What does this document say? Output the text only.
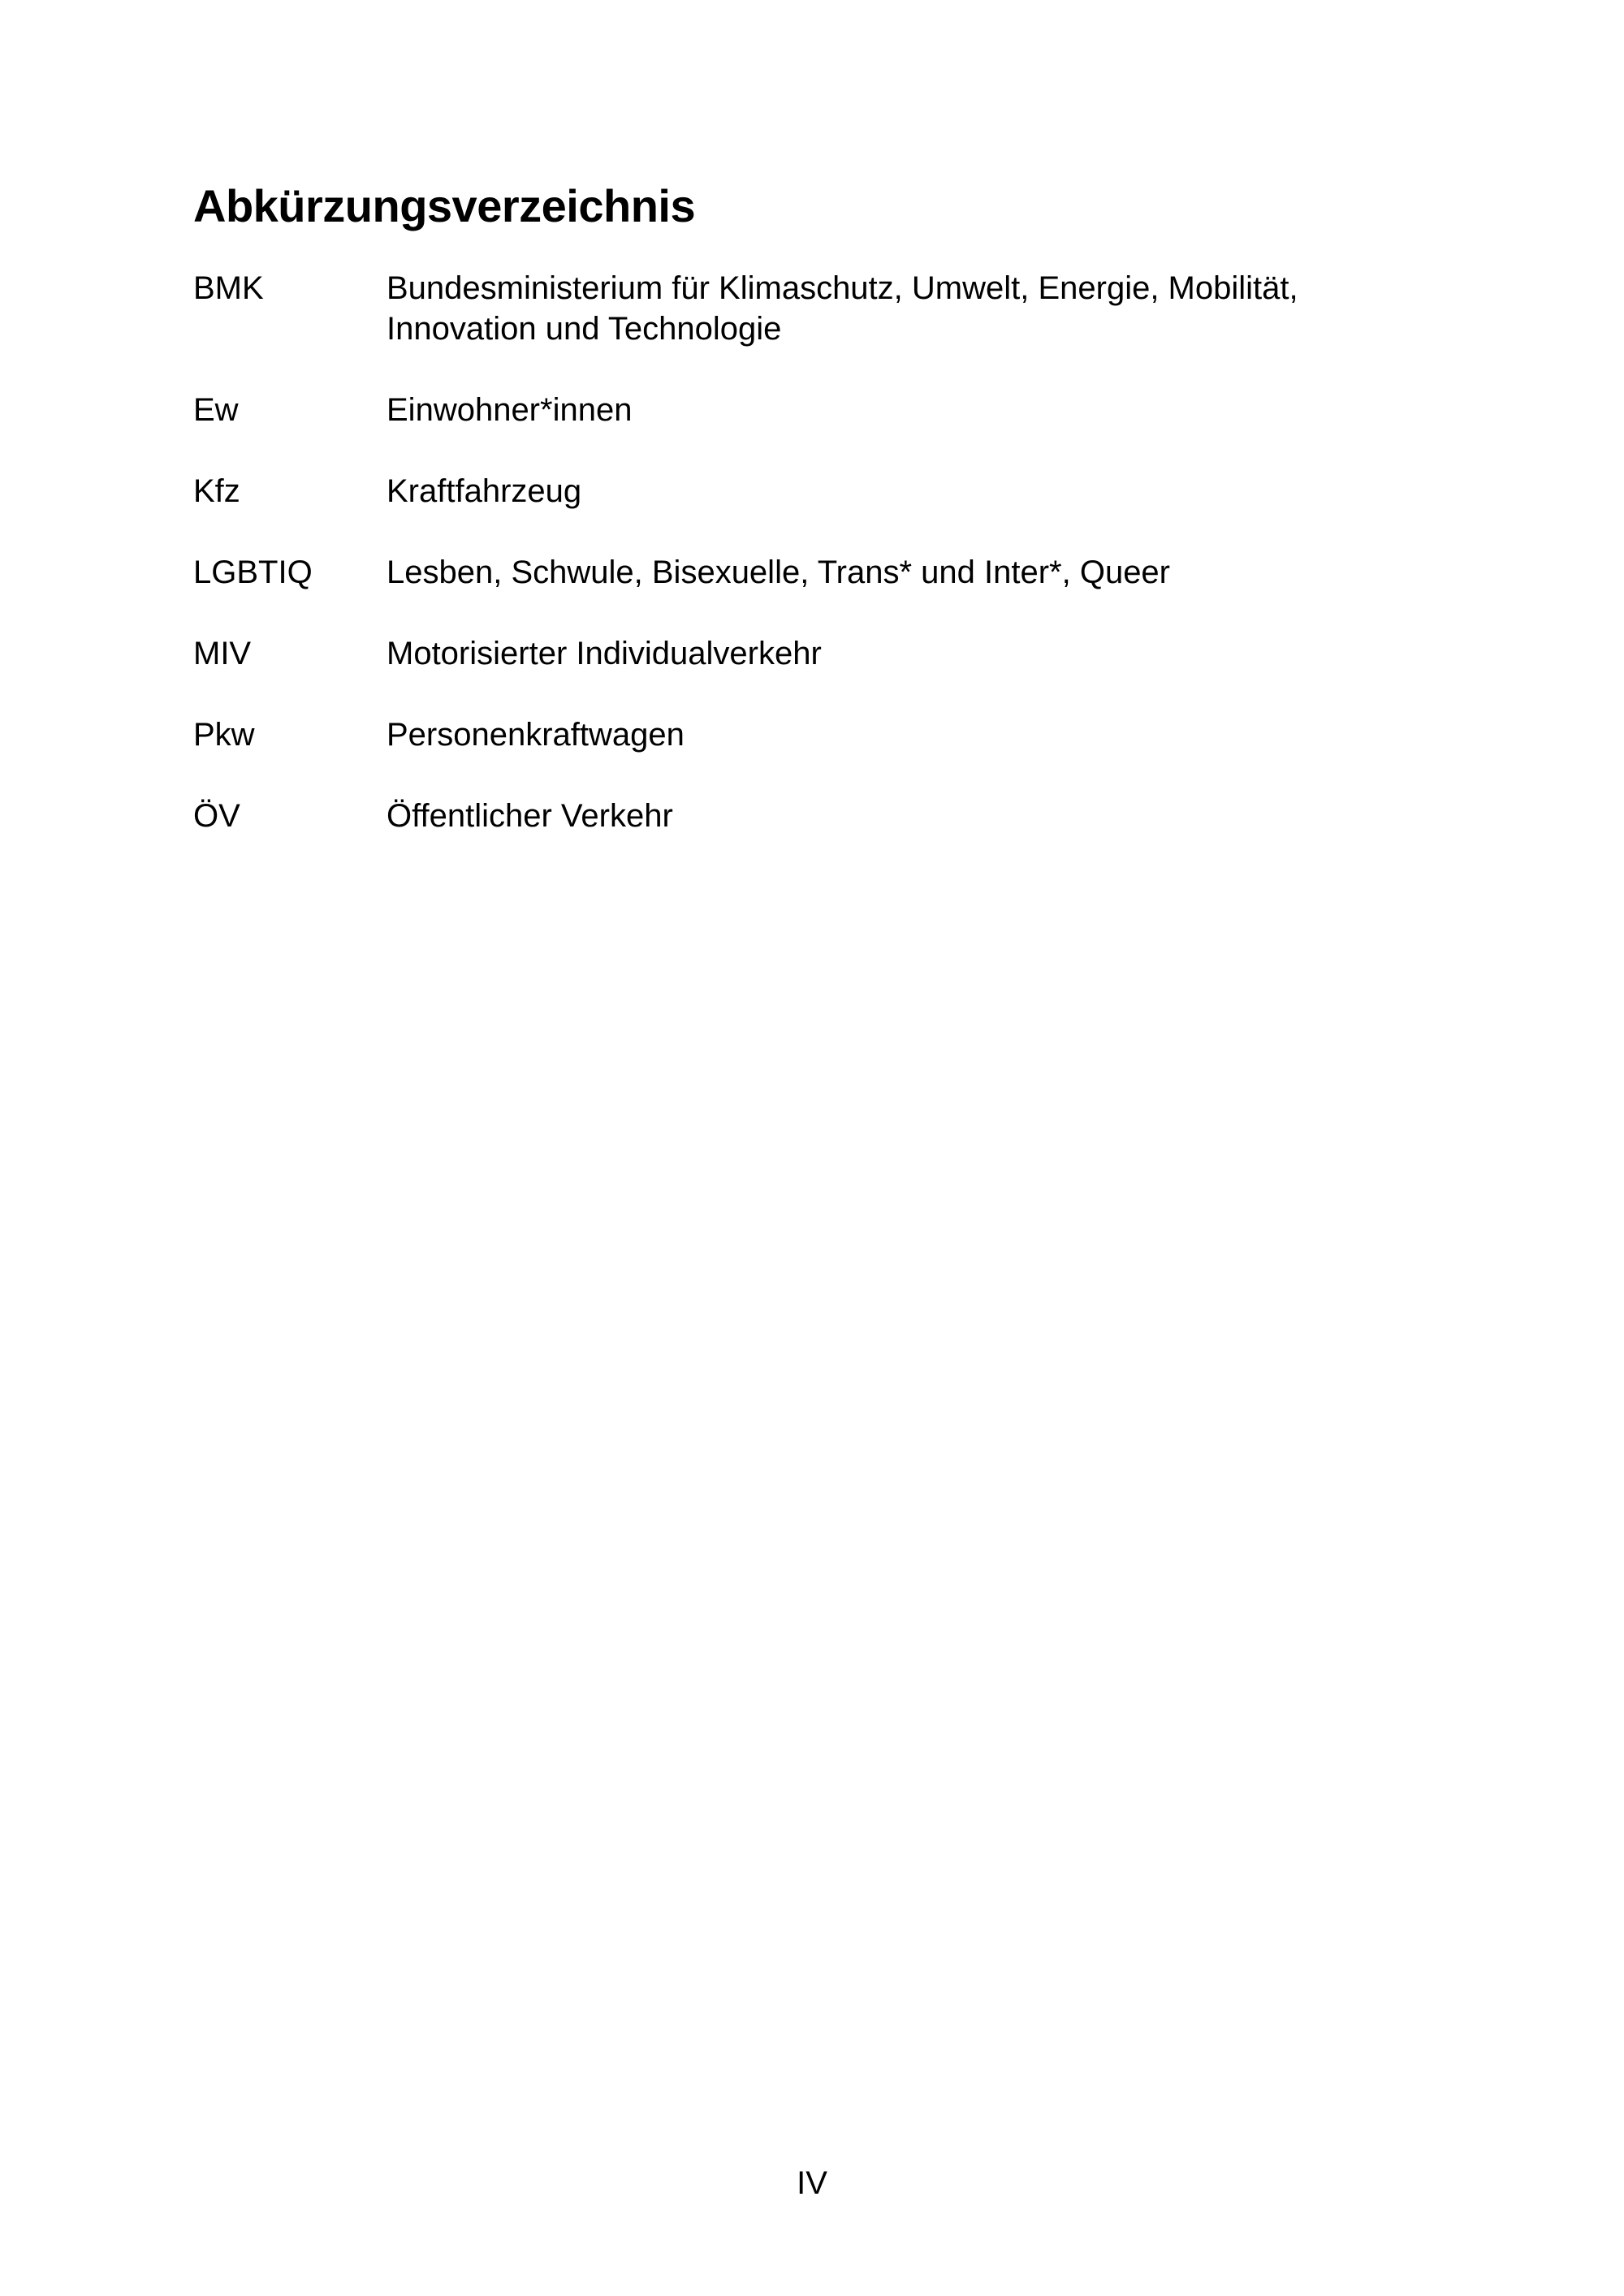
Abkürzungsverzeichnis
BMK	Bundesministerium für Klimaschutz, Umwelt, Energie, Mobilität, Innovation und Technologie
Ew	Einwohner*innen
Kfz	Kraftfahrzeug
LGBTIQ	Lesben, Schwule, Bisexuelle, Trans* und Inter*, Queer
MIV	Motorisierter Individualverkehr
Pkw	Personenkraftwagen
ÖV	Öffentlicher Verkehr
IV
